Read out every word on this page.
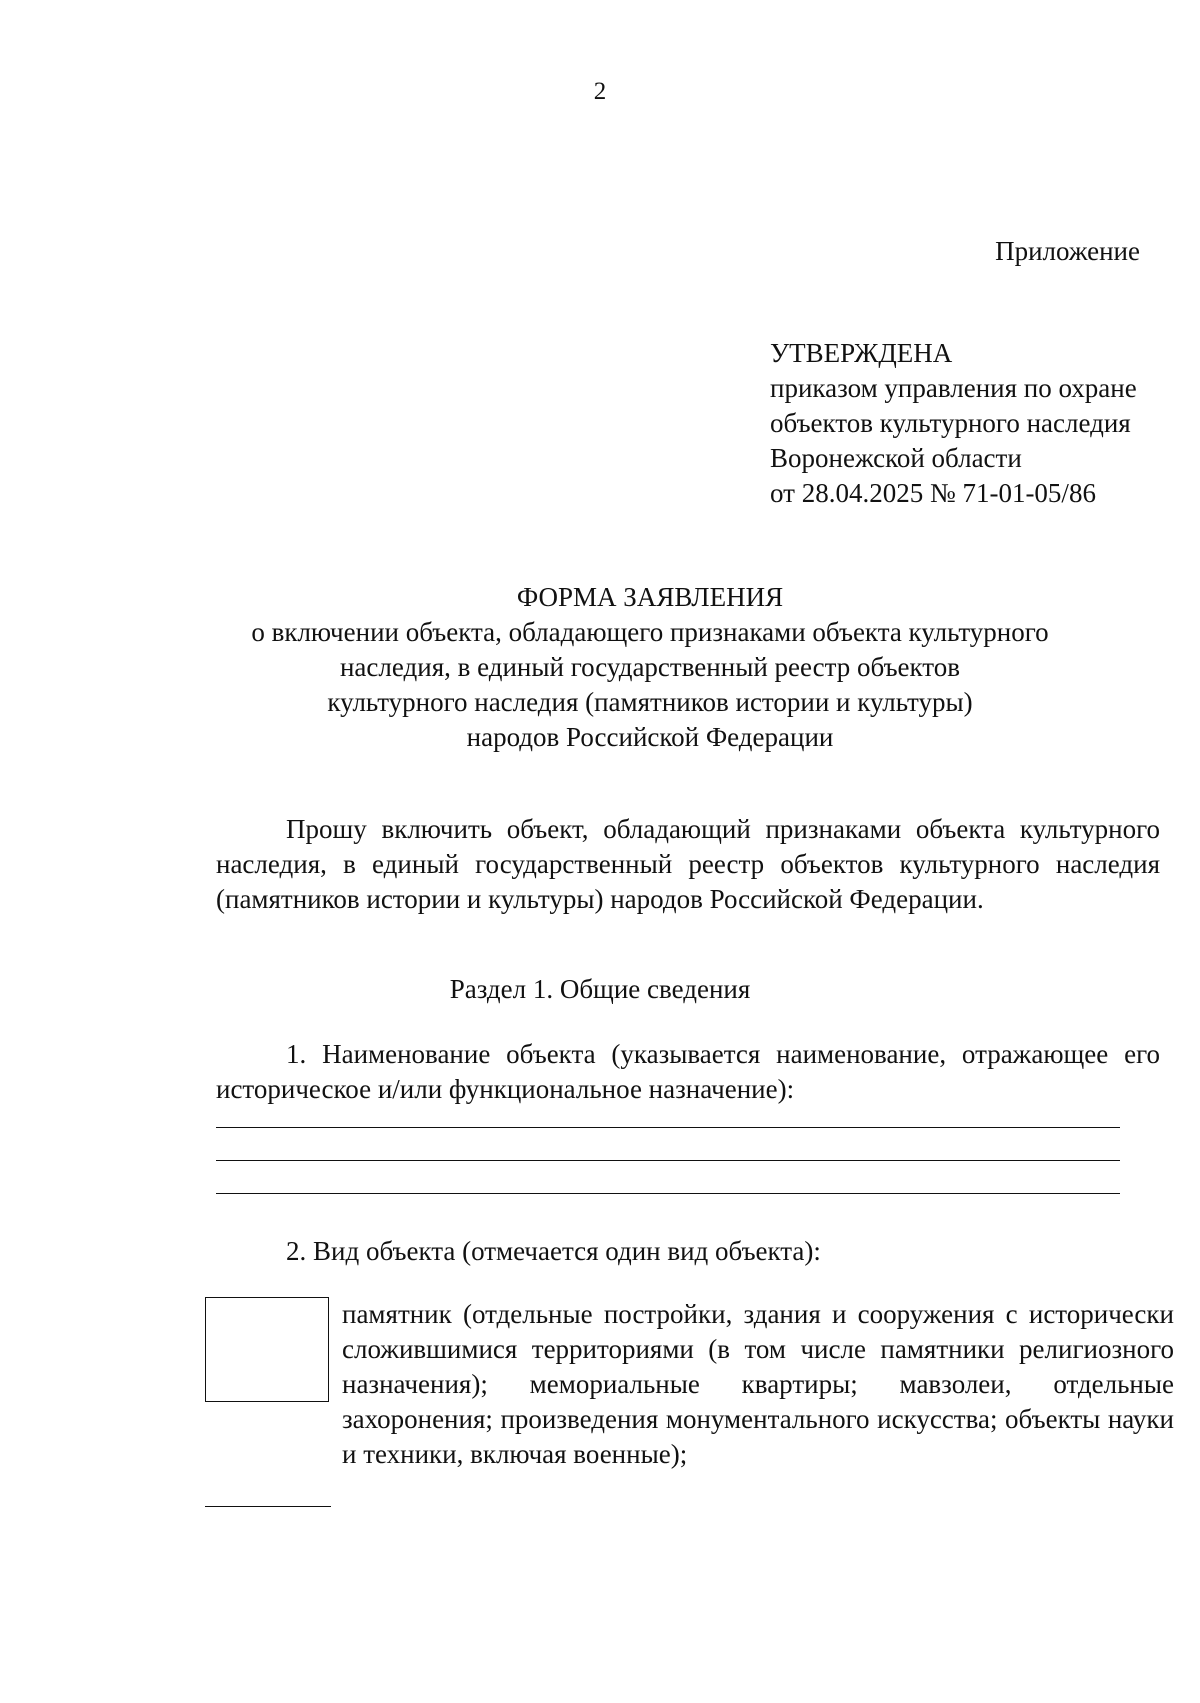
2
Приложение
УТВЕРЖДЕНА
приказом управления по охране
объектов культурного наследия
Воронежской области
от 28.04.2025 № 71-01-05/86
ФОРМА ЗАЯВЛЕНИЯ
о включении объекта, обладающего признаками объекта культурного
наследия, в единый государственный реестр объектов
культурного наследия (памятников истории и культуры)
народов Российской Федерации
Прошу включить объект, обладающий признаками объекта культурного наследия, в единый государственный реестр объектов культурного наследия (памятников истории и культуры) народов Российской Федерации.
Раздел 1. Общие сведения
1. Наименование объекта (указывается наименование, отражающее его историческое и/или функциональное назначение):
2. Вид объекта (отмечается один вид объекта):
памятник (отдельные постройки, здания и сооружения с исторически сложившимися территориями (в том числе памятники религиозного назначения); мемориальные квартиры; мавзолеи, отдельные захоронения; произведения монументального искусства; объекты науки и техники, включая военные);
